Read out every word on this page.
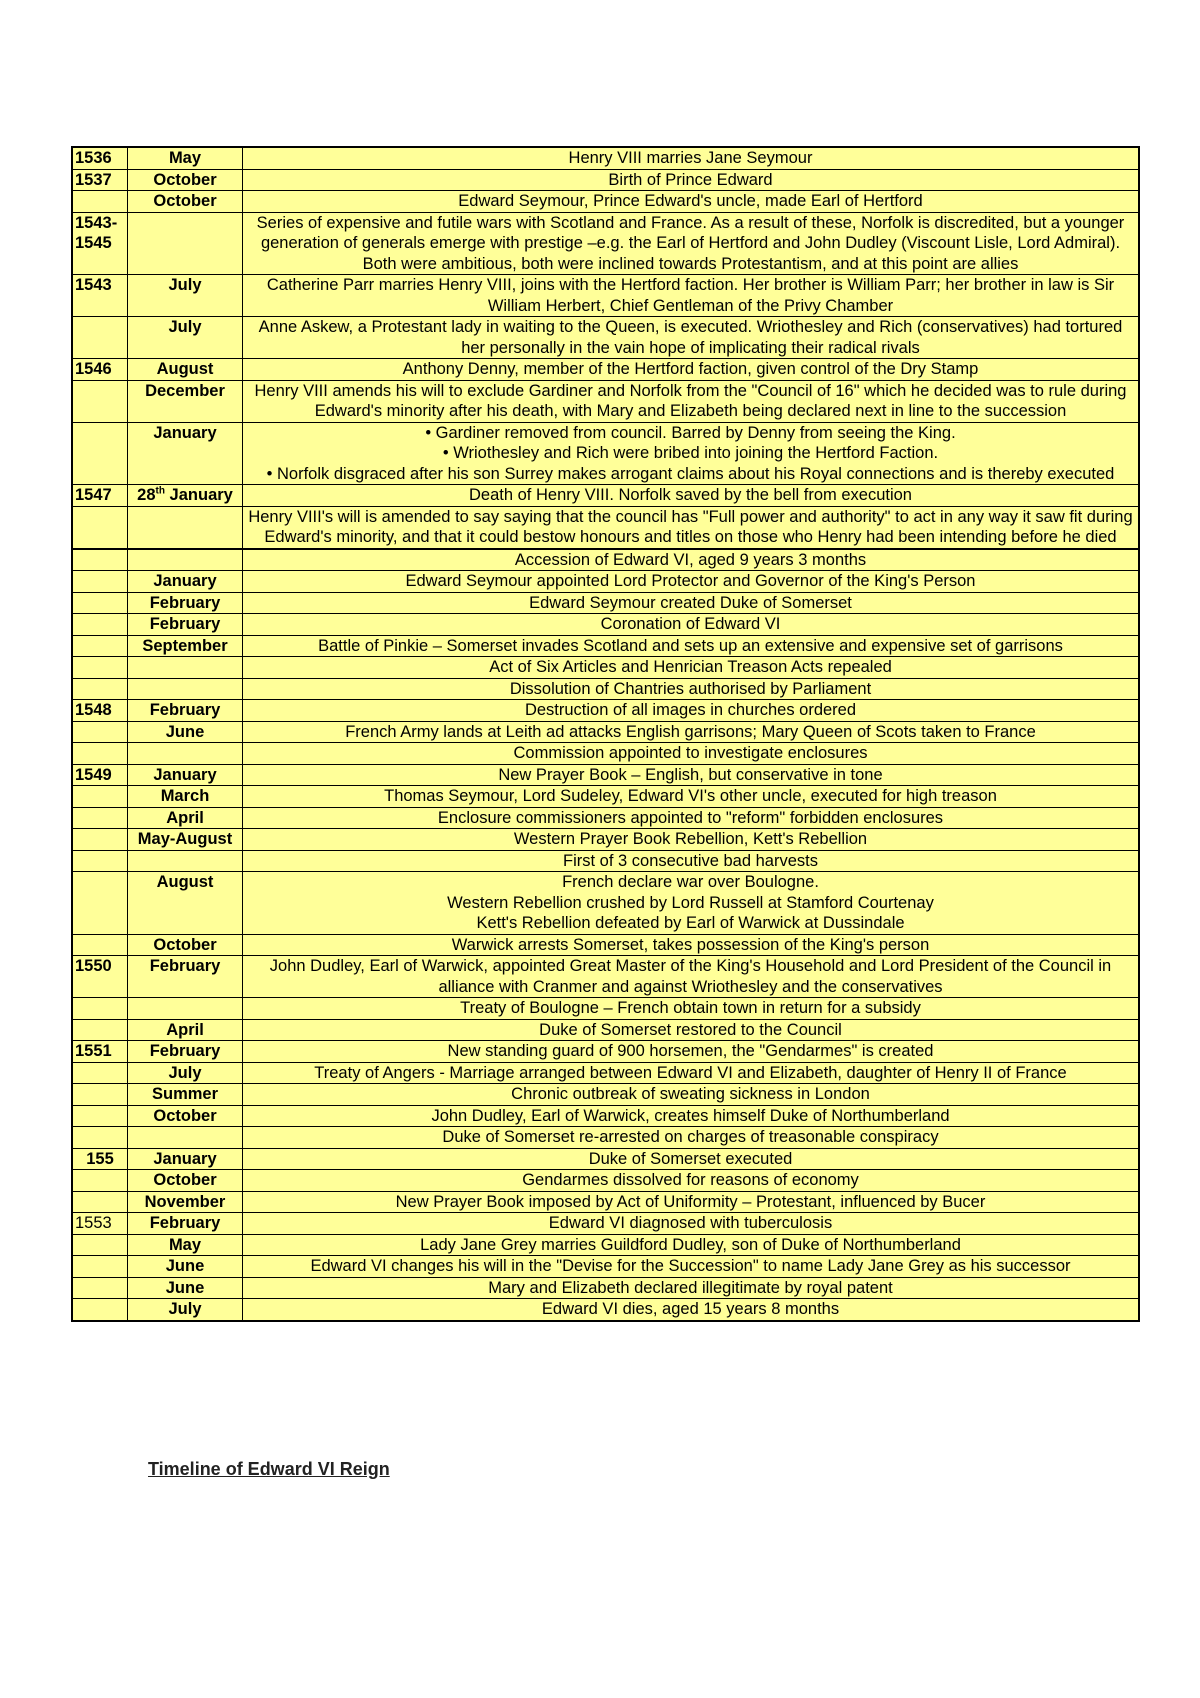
1536	May	Henry VIII marries Jane Seymour

1537	October	Birth of Prince Edward

	October	Edward Seymour, Prince Edward's uncle, made Earl of Hertford

1543-
1545		Series of expensive and futile wars with Scotland and France. As a result of these, Norfolk is discredited, but a younger generation of generals emerge with prestige –e.g. the Earl of Hertford and John Dudley (Viscount Lisle, Lord Admiral). Both were ambitious, both were inclined towards Protestantism, and at this point are allies

1543	July	Catherine Parr marries Henry VIII, joins with the Hertford faction. Her brother is William Parr; her brother in law is Sir William Herbert, Chief Gentleman of the Privy Chamber

	July	Anne Askew, a Protestant lady in waiting to the Queen, is executed. Wriothesley and Rich (conservatives) had tortured her personally in the vain hope of implicating their radical rivals

1546	August	Anthony Denny, member of the Hertford faction, given control of the Dry Stamp

	December	Henry VIII amends his will to exclude Gardiner and Norfolk from the "Council of 16" which he decided was to rule during Edward's minority after his death, with Mary and Elizabeth being declared next in line to the succession

	January	• Gardiner removed from council. Barred by Denny from seeing the King.
• Wriothesley and Rich were bribed into joining the Hertford Faction.
• Norfolk disgraced after his son Surrey makes arrogant claims about his Royal connections and is thereby executed

1547	28th January	Death of Henry VIII. Norfolk saved by the bell from execution

		Henry VIII's will is amended to say saying that the council has "Full power and authority" to act in any way it saw fit during Edward's minority, and that it could bestow honours and titles on those who Henry had been intending before he died

		Accession of Edward VI, aged 9 years 3 months

	January	Edward Seymour appointed Lord Protector and Governor of the King's Person

	February	Edward Seymour created Duke of Somerset

	February	Coronation of Edward VI

	September	Battle of Pinkie – Somerset invades Scotland and sets up an extensive and expensive set of garrisons

		Act of Six Articles and Henrician Treason Acts repealed

		Dissolution of Chantries authorised by Parliament

1548	February	Destruction of all images in churches ordered

	June	French Army lands at Leith ad attacks English garrisons; Mary Queen of Scots taken to France

		Commission appointed to investigate enclosures

1549	January	New Prayer Book – English, but conservative in tone

	March	Thomas Seymour, Lord Sudeley, Edward VI's other uncle, executed for high treason

	April	Enclosure commissioners appointed to "reform" forbidden enclosures

	May-August	Western Prayer Book Rebellion, Kett's Rebellion

		First of 3 consecutive bad harvests

	August	French declare war over Boulogne.
Western Rebellion crushed by Lord Russell at Stamford Courtenay
Kett's Rebellion defeated by Earl of Warwick at Dussindale

	October	Warwick arrests Somerset, takes possession of the King's person

1550	February	John Dudley, Earl of Warwick, appointed Great Master of the King's Household and Lord President of the Council in alliance with Cranmer and against Wriothesley and the conservatives

		Treaty of Boulogne – French obtain town in return for a subsidy

	April	Duke of Somerset restored to the Council

1551	February	New standing guard of 900 horsemen, the "Gendarmes" is created

	July	Treaty of Angers - Marriage arranged between Edward VI and Elizabeth, daughter of Henry II of France

	Summer	Chronic outbreak of sweating sickness in London

	October	John Dudley, Earl of Warwick, creates himself Duke of Northumberland

		Duke of Somerset re-arrested on charges of treasonable conspiracy

155	January	Duke of Somerset executed

	October	Gendarmes dissolved for reasons of economy

	November	New Prayer Book imposed by Act of Uniformity – Protestant, influenced by Bucer

1553	February	Edward VI diagnosed with tuberculosis

	May	Lady Jane Grey marries Guildford Dudley, son of Duke of Northumberland

	June	Edward VI changes his will in the "Devise for the Succession" to name Lady Jane Grey as his successor

	June	Mary and Elizabeth declared illegitimate by royal patent

	July	Edward VI dies, aged 15 years 8 months
Timeline of Edward VI Reign
